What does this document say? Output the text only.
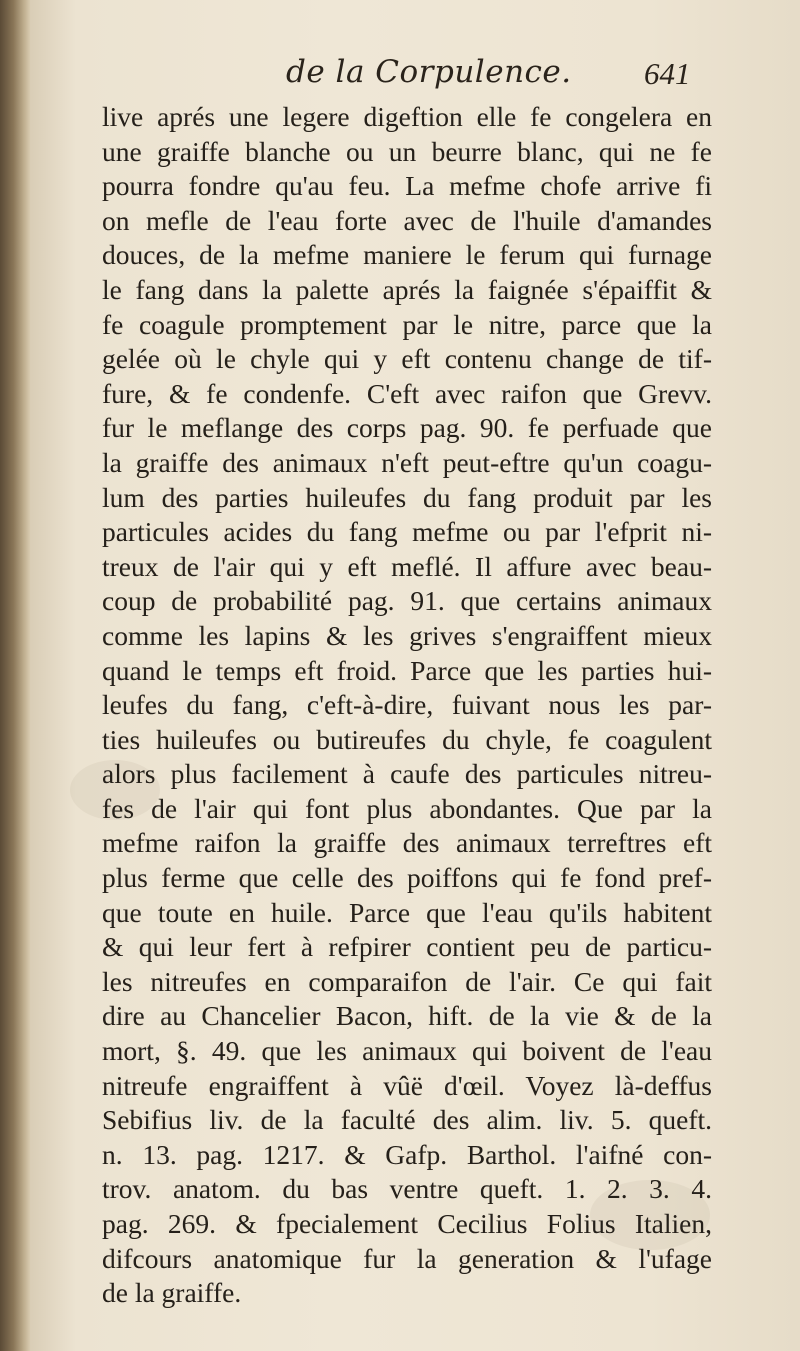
de la Corpulence. 641
live aprés une legere digeftion elle fe congelera en
une graiffe blanche ou un beurre blanc, qui ne fe
pourra fondre qu'au feu. La mefme chofe arrive fi
on mefle de l'eau forte avec de l'huile d'amandes
douces, de la mefme maniere le ferum qui furnage
le fang dans la palette aprés la faignée s'épaiffit &
fe coagule promptement par le nitre, parce que la
gelée où le chyle qui y eft contenu change de tif-
fure, & fe condenfe. C'eft avec raifon que Grevv.
fur le meflange des corps pag. 90. fe perfuade que
la graiffe des animaux n'eft peut-eftre qu'un coagu-
lum des parties huileufes du fang produit par les
particules acides du fang mefme ou par l'efprit ni-
treux de l'air qui y eft meflé. Il affure avec beau-
coup de probabilité pag. 91. que certains animaux
comme les lapins & les grives s'engraiffent mieux
quand le temps eft froid. Parce que les parties hui-
leufes du fang, c'eft-à-dire, fuivant nous les par-
ties huileufes ou butireufes du chyle, fe coagulent
alors plus facilement à caufe des particules nitreu-
fes de l'air qui font plus abondantes. Que par la
mefme raifon la graiffe des animaux terreftres eft
plus ferme que celle des poiffons qui fe fond pref-
que toute en huile. Parce que l'eau qu'ils habitent
& qui leur fert à refpirer contient peu de particu-
les nitreufes en comparaifon de l'air. Ce qui fait
dire au Chancelier Bacon, hift. de la vie & de la
mort, §. 49. que les animaux qui boivent de l'eau
nitreufe engraiffent à vûë d'œil. Voyez là-deffus
Sebifius liv. de la faculté des alim. liv. 5. queft.
n. 13. pag. 1217. & Gafp. Barthol. l'aifné con-
trov. anatom. du bas ventre queft. 1. 2. 3. 4.
pag. 269. & fpecialement Cecilius Folius Italien,
difcours anatomique fur la generation & l'ufage
de la graiffe.
